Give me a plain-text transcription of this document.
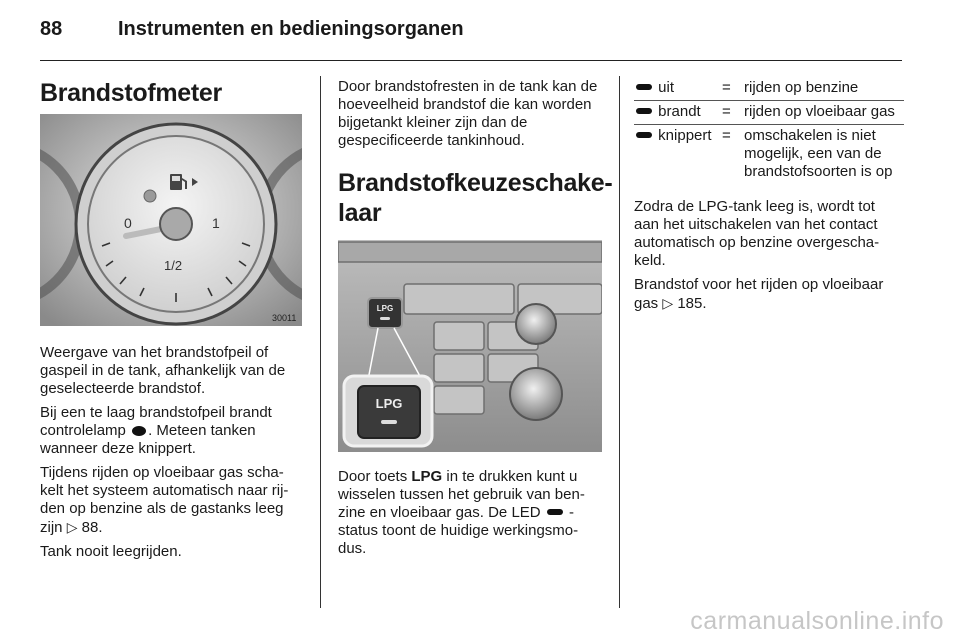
88	Instrumenten en bedieningsorganen
Brandstofmeter
0	1
1/2
30011

Weergave van het brandstofpeil of gaspeil in de tank, afhankelijk van de geselecteerde brandstof.

Bij een te laag brandstofpeil brandt controlelamp . Meteen tanken wanneer deze knippert.

Tijdens rijden op vloeibaar gas scha-kelt het systeem automatisch naar rij-den op benzine als de gastanks leeg zijn ▷ 88.

Tank nooit leegrijden.

Door brandstofresten in de tank kan de hoeveelheid brandstof die kan worden bijgetankt kleiner zijn dan de gespecificeerde tankinhoud.

Brandstofkeuzeschake-laar
LPG
LPG

Door toets LPG in te drukken kunt u wisselen tussen het gebruik van ben-zine en vloeibaar gas. De LED -status toont de huidige werkingsmo-dus.

uit	=	rijden op benzine
brandt	=	rijden op vloeibaar gas
knippert	=	omschakelen is niet mogelijk, een van de brandstofsoorten is op

Zodra de LPG-tank leeg is, wordt tot aan het uitschakelen van het contact automatisch op benzine overgescha-keld.

Brandstof voor het rijden op vloeibaar gas ▷ 185.

carmanualsonline.info
